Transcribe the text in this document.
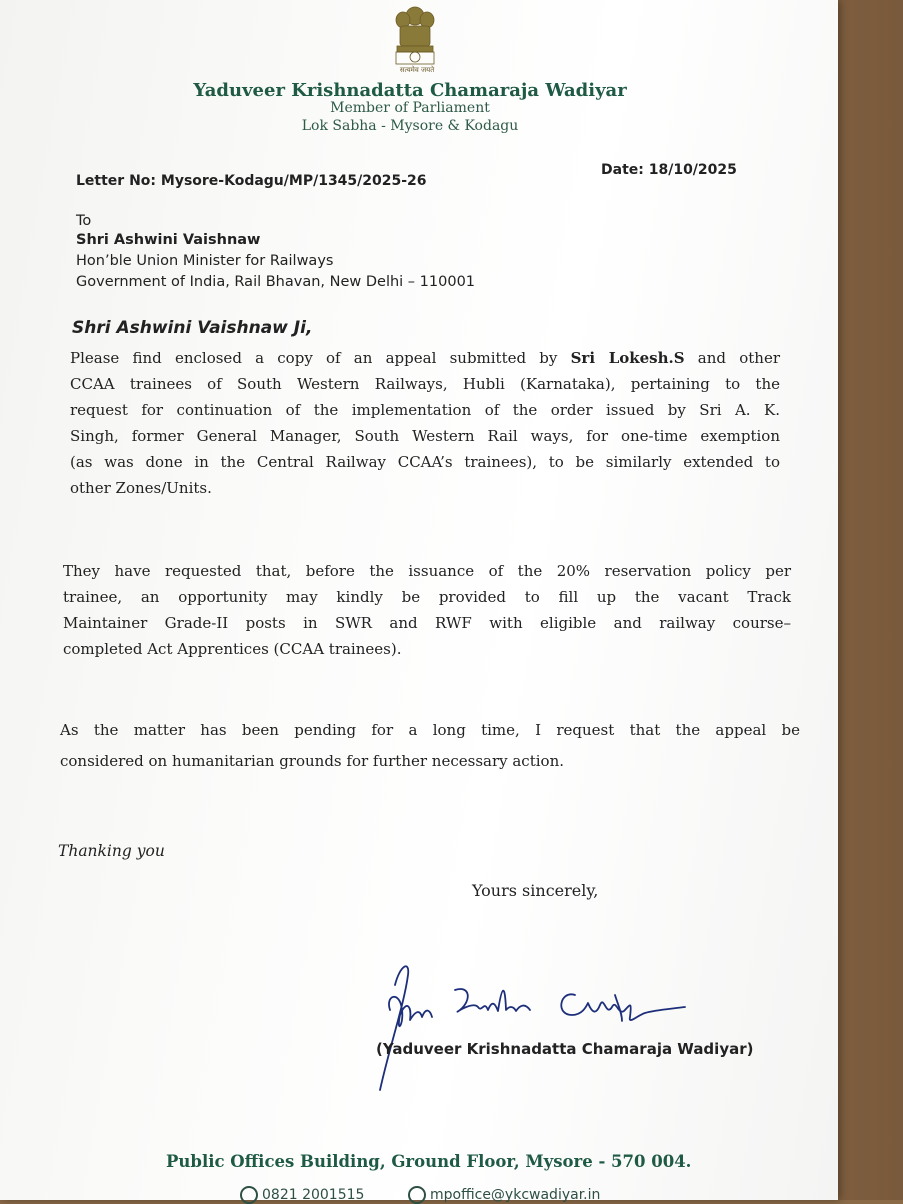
सत्यमेव जयते
Yaduveer Krishnadatta Chamaraja Wadiyar
Member of Parliament
Lok Sabha - Mysore & Kodagu
Letter No: Mysore-Kodagu/MP/1345/2025-26
Date: 18/10/2025
To
Shri Ashwini Vaishnaw
Hon’ble Union Minister for Railways
Government of India, Rail Bhavan, New Delhi – 110001
Shri Ashwini Vaishnaw Ji,
Please find enclosed a copy of an appeal submitted by Sri Lokesh.S and other
CCAA trainees of South Western Railways, Hubli (Karnataka), pertaining to the
request for continuation of the implementation of the order issued by Sri A. K.
Singh, former General Manager, South Western Rail ways, for one-time exemption
(as was done in the Central Railway CCAA’s trainees), to be similarly extended to
other Zones/Units.
They have requested that, before the issuance of the 20% reservation policy per
trainee, an opportunity may kindly be provided to fill up the vacant Track
Maintainer Grade-II posts in SWR and RWF with eligible and railway course–
completed Act Apprentices (CCAA trainees).
As the matter has been pending for a long time, I request that the appeal be
considered on humanitarian grounds for further necessary action.
Thanking you
Yours sincerely,
(Yaduveer Krishnadatta Chamaraja Wadiyar)
Public Offices Building, Ground Floor, Mysore - 570 004.
0821 2001515	mpoffice@ykcwadiyar.in
